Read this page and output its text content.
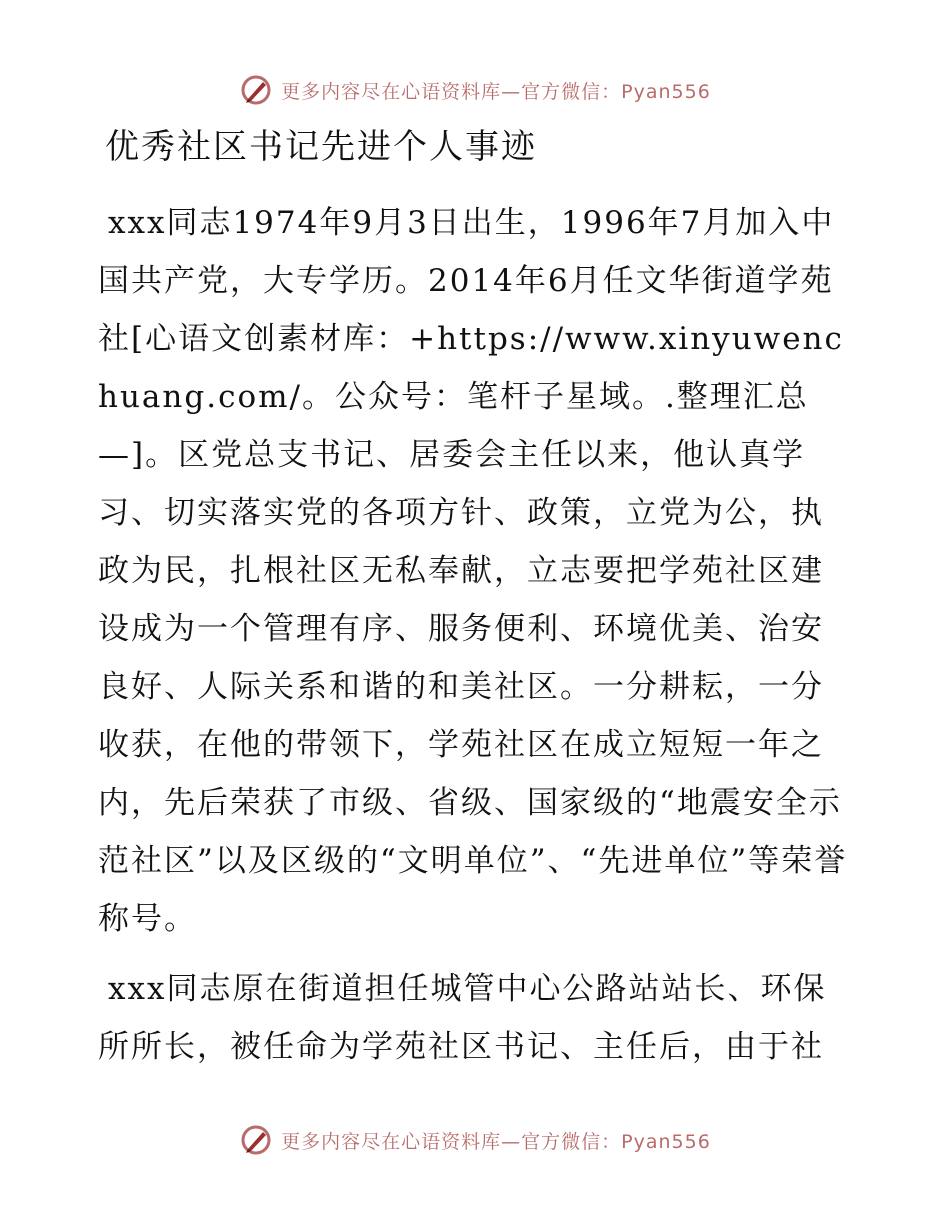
更多内容尽在心语资料库—官方微信：Pyan556
优秀社区书记先进个人事迹

xxx同志1974年9月3日出生，1996年7月加入中国共产党，大专学历。2014年6月任文华街道学苑社[心语文创素材库：+https://www.xinyuwenchuang.com/。公众号：笔杆子星域。.整理汇总—]。区党总支书记、居委会主任以来，他认真学习、切实落实党的各项方针、政策，立党为公，执政为民，扎根社区无私奉献，立志要把学苑社区建设成为一个管理有序、服务便利、环境优美、治安良好、人际关系和谐的和美社区。一分耕耘，一分收获，在他的带领下，学苑社区在成立短短一年之内，先后荣获了市级、省级、国家级的“地震安全示范社区”以及区级的“文明单位”、“先进单位”等荣誉称号。

xxx同志原在街道担任城管中心公路站站长、环保所所长，被任命为学苑社区书记、主任后，由于社

更多内容尽在心语资料库—官方微信：Pyan556
